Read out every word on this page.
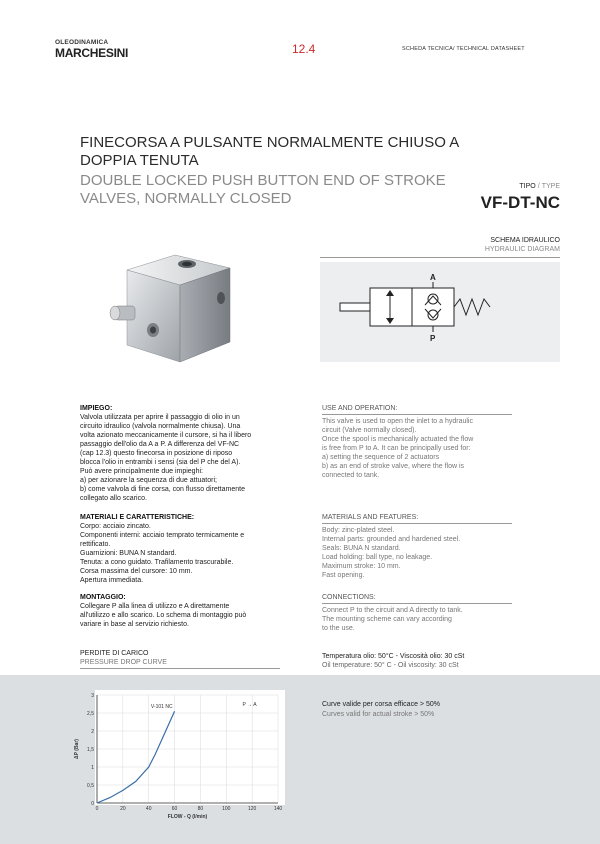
OLEODINAMICA
MARCHESINI	12.4	SCHEDA TECNICA/ TECHNICAL DATASHEET
FINECORSA A PULSANTE NORMALMENTE CHIUSO A
DOPPIA TENUTA
DOUBLE LOCKED PUSH BUTTON END OF STROKE
VALVES, NORMALLY CLOSED
TIPO / TYPE
VF-DT-NC
SCHEMA IDRAULICO
HYDRAULIC DIAGRAM
A
P
IMPIEGO:

Valvola utilizzata per aprire il passaggio di olio in un

circuito idraulico (valvola normalmente chiusa). Una

volta azionato meccanicamente il cursore, si ha il libero

passaggio dell'olio da A a P. A differenza del VF-NC

(cap 12.3) questo finecorsa in posizione di riposo

blocca l'olio in entrambi i sensi (sia del P che del A).

Può avere principalmente due impieghi:

a) per azionare la sequenza di due attuatori;

b) come valvola di fine corsa, con flusso direttamente

collegato allo scarico.

MATERIALI E CARATTERISTICHE:

Corpo: acciaio zincato.

Componenti interni: acciaio temprato termicamente e

rettificato.

Guarnizioni: BUNA N standard.

Tenuta: a cono guidato. Trafilamento trascurabile.

Corsa massima del cursore: 10 mm.

Apertura immediata.

MONTAGGIO:

Collegare P alla linea di utilizzo e A direttamente

all'utilizzo e allo scarico. Lo schema di montaggio può

variare in base al servizio richiesto.

USE AND OPERATION:

This valve is used to open the inlet to a hydraulic

circuit (Valve normally closed).

Once the spool is mechanically actuated the flow

is free from P to A. It can be principally used for:

a) setting the sequence of 2 actuators

b) as an end of stroke valve, where the flow is

connected to tank.

MATERIALS AND FEATURES:

Body: zinc-plated steel.

Internal parts: grounded and hardened steel.

Seals: BUNA N standard.

Load holding: ball type, no leakage.

Maximum stroke: 10 mm.

Fast opening.

CONNECTIONS:

Connect P to the circuit and A directly to tank.

The mounting scheme can vary according

to the use.

PERDITE DI CARICO
PRESSURE DROP CURVE
Temperatura olio: 50°C - Viscosità olio: 30 cSt
Oil temperature: 50° C - Oil viscosity: 30 cSt
0	20	40	60	80	100	120	140
0
0,5
1
1,5
2
2,5
3
V-101 NC
FLOW - Q (l/min)
ΔP (Bar)
P → A	Curve valide per corsa efficace > 50%
Curves valid for actual stroke > 50%
